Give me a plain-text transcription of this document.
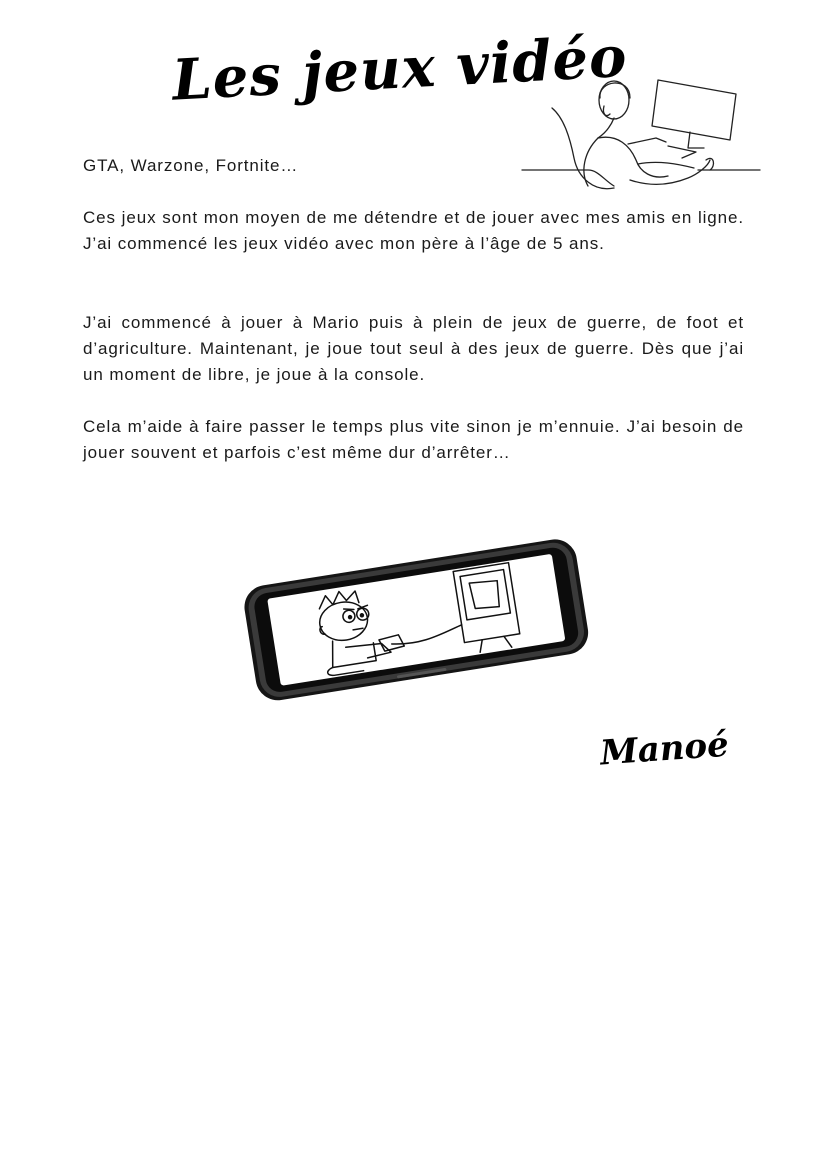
Les jeux vidéo

GTA, Warzone, Fortnite…

Ces jeux sont mon moyen de me détendre et de jouer avec mes amis en ligne. J’ai commencé les jeux vidéo avec mon père à l’âge de 5 ans.

J’ai commencé à jouer à Mario puis à plein de jeux de guerre, de foot et d’agriculture. Maintenant, je joue tout seul à des jeux de guerre. Dès que j’ai un moment de libre, je joue à la console.

Cela m’aide à faire passer le temps plus vite sinon je m’ennuie. J’ai besoin de jouer souvent et parfois c’est même dur d’arrêter…

Manoé
